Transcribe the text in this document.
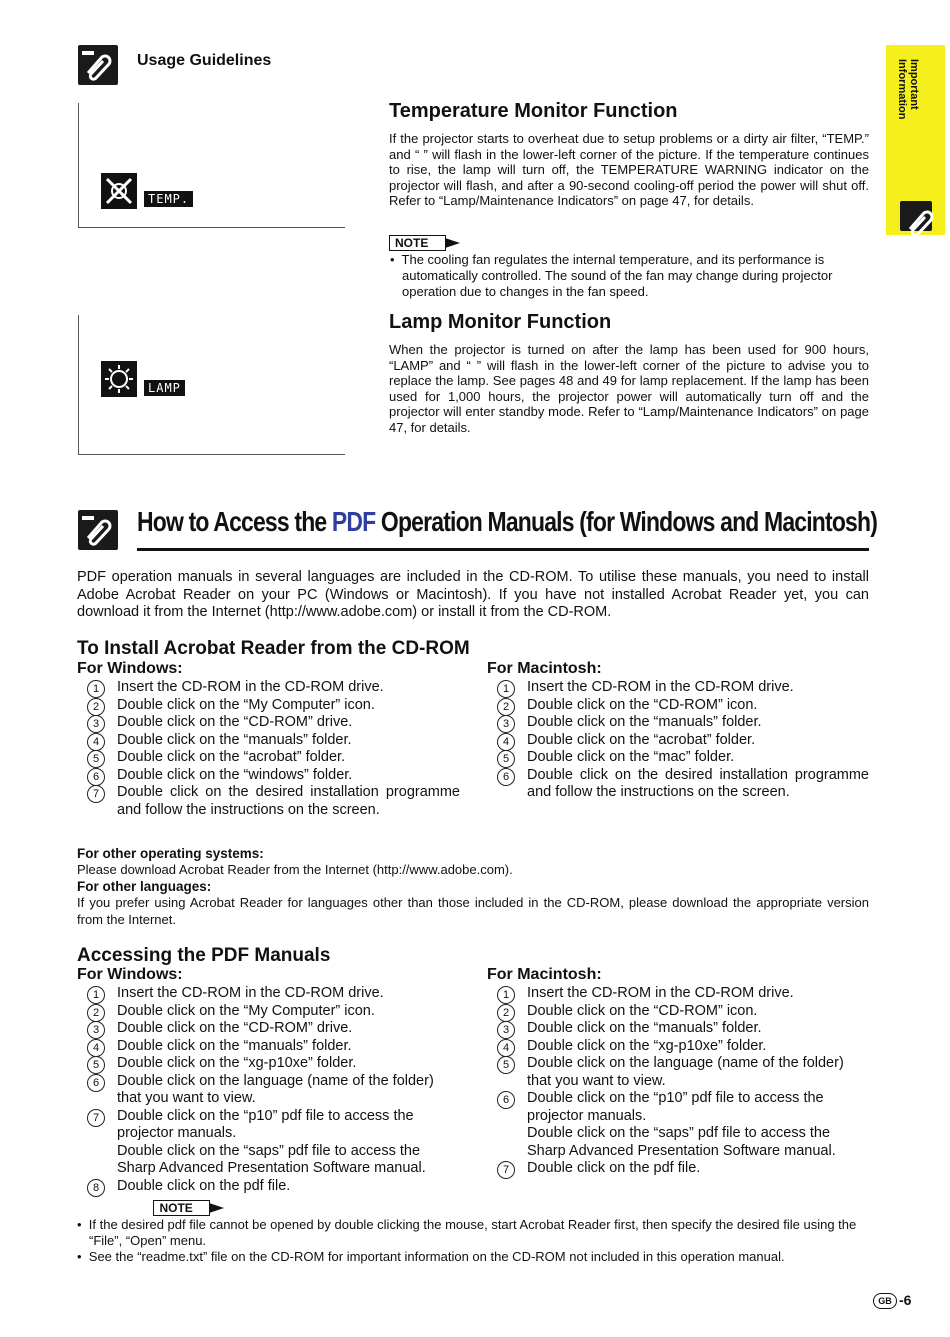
Usage Guidelines	Important
Information
TEMP.
Temperature Monitor Function
If the projector starts to overheat due to setup problems or a dirty air filter, “TEMP.” and “ ” will flash in the lower-left corner of the picture. If the temperature continues to rise, the lamp will turn off, the TEMPERATURE WARNING indicator on the projector will flash, and after a 90-second cooling-off period the power will shut off. Refer to “Lamp/Maintenance Indicators” on page 47, for details.
NOTE

•  The cooling fan regulates the internal temperature, and its performance is automatically controlled. The sound of the fan may change during projector operation due to changes in the fan speed.
LAMP
Lamp Monitor Function
When the projector is turned on after the lamp has been used for 900 hours, “LAMP” and “ ” will flash in the lower-left corner of the picture to advise you to replace the lamp. See pages 48 and 49 for lamp replacement. If the lamp has been used for 1,000 hours, the projector power will automatically turn off and the projector will enter standby mode. Refer to “Lamp/Maintenance Indicators” on page 47, for details.
How to Access the PDF Operation Manuals (for Windows and Macintosh)
PDF operation manuals in several languages are included in the CD-ROM. To utilise these manuals, you need to install Adobe Acrobat Reader on your PC (Windows or Macintosh). If you have not installed Acrobat Reader yet, you can download it from the Internet (http://www.adobe.com) or install it from the CD-ROM.
To Install Acrobat Reader from the CD-ROM
For Windows:
1	Insert the CD-ROM in the CD-ROM drive.
2	Double click on the “My Computer” icon.
3	Double click on the “CD-ROM” drive.
4	Double click on the “manuals” folder.
5	Double click on the “acrobat” folder.
6	Double click on the “windows” folder.
7	Double click on the desired installation programme and follow the instructions on the screen.
For Macintosh:
1	Insert the CD-ROM in the CD-ROM drive.
2	Double click on the “CD-ROM” icon.
3	Double click on the “manuals” folder.
4	Double click on the “acrobat” folder.
5	Double click on the “mac” folder.
6	Double click on the desired installation programme and follow the instructions on the screen.
For other operating systems:
Please download Acrobat Reader from the Internet (http://www.adobe.com).
For other languages:
If you prefer using Acrobat Reader for languages other than those included in the CD-ROM, please download the appropriate version from the Internet.
Accessing the PDF Manuals
For Windows:
1	Insert the CD-ROM in the CD-ROM drive.
2	Double click on the “My Computer” icon.
3	Double click on the “CD-ROM” drive.
4	Double click on the “manuals” folder.
5	Double click on the “xg-p10xe” folder.
6	Double click on the language (name of the folder) that you want to view.
7	Double click on the “p10” pdf file to access the projector manuals.
Double click on the “saps” pdf file to access the Sharp Advanced Presentation Software manual.
8	Double click on the pdf file.
For Macintosh:
1	Insert the CD-ROM in the CD-ROM drive.
2	Double click on the “CD-ROM” icon.
3	Double click on the “manuals” folder.
4	Double click on the “xg-p10xe” folder.
5	Double click on the language (name of the folder) that you want to view.
6	Double click on the “p10” pdf file to access the projector manuals.
Double click on the “saps” pdf file to access the Sharp Advanced Presentation Software manual.
7	Double click on the pdf file.
NOTE
•  If the desired pdf file cannot be opened by double clicking the mouse, start Acrobat Reader first, then specify the desired file using the “File”, “Open” menu.
•  See the “readme.txt” file on the CD-ROM for important information on the CD-ROM not included in this operation manual.
GB -6
